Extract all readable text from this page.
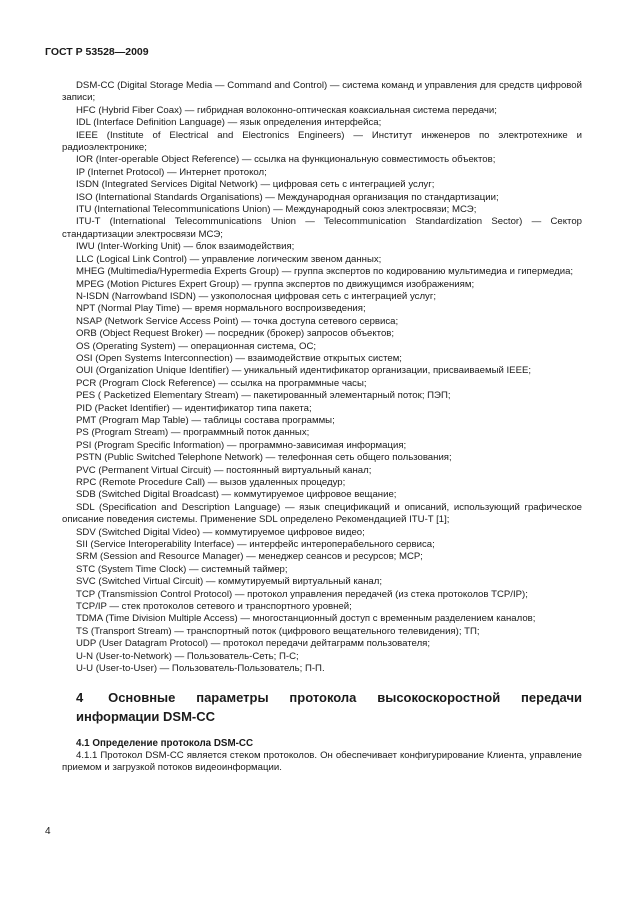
ГОСТ Р 53528—2009

DSM-CC (Digital Storage Media — Command and Control) — система команд и управления для средств цифровой записи;

HFC (Hybrid Fiber Coax) — гибридная волоконно-оптическая коаксиальная система передачи;

IDL (Interface Definition Language) — язык определения интерфейса;

IEEE (Institute of Electrical and Electronics Engineers) — Институт инженеров по электротехнике и радиоэлектронике;

IOR (Inter-operable Object Reference) — ссылка на функциональную совместимость объектов;

IP (Internet Protocol) — Интернет протокол;

ISDN (Integrated Services Digital Network) — цифровая сеть с интеграцией услуг;

ISO (International Standards Organisations) — Международная организация по стандартизации;

ITU (International Telecommunications Union) — Международный союз электросвязи; МСЭ;

ITU-T (International Telecommunications Union — Telecommunication Standardization Sector) — Сектор стандартизации электросвязи МСЭ;

IWU (Inter-Working Unit) — блок взаимодействия;

LLC (Logical Link Control) — управление логическим звеном данных;

MHEG (Multimedia/Hypermedia Experts Group) — группа экспертов по кодированию мультимедиа и гипермедиа;

MPEG (Motion Pictures Expert Group) — группа экспертов по движущимся изображениям;

N-ISDN (Narrowband ISDN) — узкополосная цифровая сеть с интеграцией услуг;

NPT (Normal Play Time) — время нормального воспроизведения;

NSAP (Network Service Access Point) — точка доступа сетевого сервиса;

ORB (Object Request Broker) — посредник (брокер) запросов объектов;

OS (Operating System) — операционная система, ОС;

OSI (Open Systems Interconnection) — взаимодействие открытых систем;

OUI (Organization Unique Identifier) — уникальный идентификатор организации, присваиваемый IEEE;

PCR (Program Clock Reference) — ссылка на программные часы;

PES ( Packetized Elementary Stream) — пакетированный элементарный поток; ПЭП;

PID (Packet Identifier) — идентификатор типа пакета;

PMT (Program Map Table) — таблицы состава программы;

PS (Program Stream) — программный поток данных;

PSI (Program Specific Information) — программно-зависимая информация;

PSTN (Public Switched Telephone Network) — телефонная сеть общего пользования;

PVC (Permanent Virtual Circuit) — постоянный виртуальный канал;

RPC (Remote Procedure Call) — вызов удаленных процедур;

SDB (Switched Digital Broadcast) — коммутируемое цифровое вещание;

SDL (Specification and Description Language) — язык спецификаций и описаний, использующий графическое описание поведения системы. Применение SDL определено Рекомендацией ITU-T [1];

SDV (Switched Digital Video) — коммутируемое цифровое видео;

SII (Service Interoperability Interface) — интерфейс интероперабельного сервиса;

SRM (Session and Resource Manager) — менеджер сеансов и ресурсов; МСР;

STC (System Time Clock) — системный таймер;

SVC (Switched Virtual Circuit) — коммутируемый виртуальный канал;

TCP (Transmission Control Protocol) — протокол управления передачей (из стека протоколов TCP/IP);

TCP/IP — стек протоколов сетевого и транспортного уровней;

TDMA (Time Division Multiple Access) — многостанционный доступ с временным разделением каналов;

TS (Transport Stream) — транспортный поток (цифрового вещательного телевидения); ТП;

UDP (User Datagram Protocol) — протокол передачи дейтаграмм пользователя;

U-N (User-to-Network) — Пользователь-Сеть; П-С;

U-U (User-to-User) — Пользователь-Пользователь; П-П.

4 Основные параметры протокола высокоскоростной передачи информации DSM-CC
4.1 Определение протокола DSM-CC

4.1.1 Протокол DSM-CC является стеком протоколов. Он обеспечивает конфигурирование Клиента, управление приемом и загрузкой потоков видеоинформации.

4
